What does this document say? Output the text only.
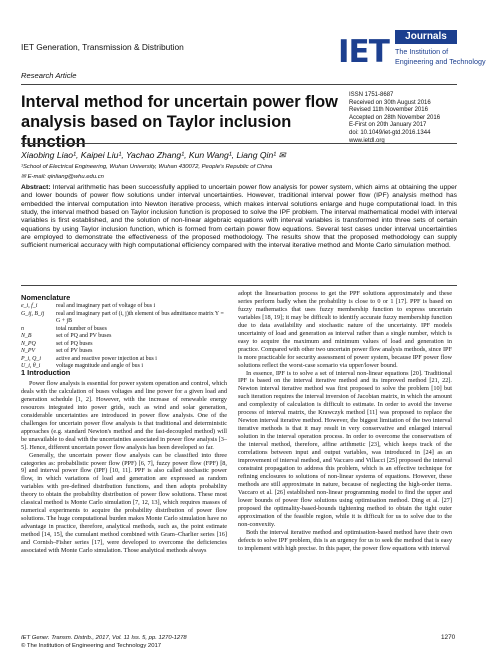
IET Generation, Transmission & Distribution
Research Article
IET	Journals
The Institution of
Engineering and Technology
Interval method for uncertain power flow analysis based on Taylor inclusion function
ISSN 1751-8687
Received on 30th August 2016
Revised 11th November 2016
Accepted on 28th November 2016
E-First on 20th January 2017
doi: 10.1049/iet-gtd.2016.1344
www.ietdl.org
Xiaobing Liao¹, Kaipei Liu¹, Yachao Zhang¹, Kun Wang¹, Liang Qin¹ ✉
¹School of Electrical Engineering, Wuhan University, Wuhan 430072, People's Republic of China
✉ E-mail: qinliang@whu.edu.cn
Abstract: Interval arithmetic has been successfully applied to uncertain power flow analysis for power system, which aims at obtaining the upper and lower bounds of power flow solutions under interval uncertainties. However, traditional interval power flow (IPF) analysis method has embedded the interval computation into Newton iterative process, which makes interval solutions enlarge and huge computational load. In this study, the interval method based on Taylor inclusion function is proposed to solve the IPF problem. The interval mathematical model with interval variables is first established, and the solution of non-linear algebraic equations with interval variables is transformed into three sets of certain equations by using Taylor inclusion function, which is formed from certain power flow equations. Several test cases under interval uncertainties are employed to demonstrate the effectiveness of the proposed methodology. The results show that the proposed methodology can supply sufficient numerical accuracy with high computational efficiency compared with the interval iterative method and Monte Carlo simulation method.
Nomenclature
e_i, f_i	real and imaginary part of voltage of bus i
G_ij, B_ij	real and imaginary part of (i, j)th element of bus admittance matrix Y = G + jB
n	total number of buses
N_B	set of PQ and PV buses
N_PQ	set of PQ buses
N_PV	set of PV buses
P_i, Q_i	active and reactive power injection at bus i
U_i, θ_i	voltage magnitude and angle of bus i
1 Introduction

Power flow analysis is essential for power system operation and control, which deals with the calculation of buses voltages and line power for a given load and generation schedule [1, 2]. However, with the increase of renewable energy resources integrated into power grids, such as wind and solar generation, considerable uncertainties are introduced in power flow analysis. One of the challenges for uncertain power flow analysis is that traditional and deterministic approaches (e.g. standard Newton's method and the fast-decoupled method) will be unavailable to deal with the uncertainties associated in power flow analysis [3–5]. Hence, different uncertain power flow analysis has been developed so far.

Generally, the uncertain power flow analysis can be classified into three categories as: probabilistic power flow (PPF) [6, 7], fuzzy power flow (FPF) [8, 9] and interval power flow (IPF) [10, 11]. PPF is also called stochastic power flow, in which variations of load and generation are expressed as random variables with pre-defined distribution functions, and then adopts probability theory to obtain the probability distribution of power flow solutions. These most classical method is Monte Carlo simulation [7, 12, 13], which requires masses of numerical experiments to acquire the probability distribution of power flow solutions. The huge computational burden makes Monte Carlo simulation have no advantage in practice, therefore, analytical methods, such as, the point estimate method [14, 15], the cumulant method combined with Gram–Charlier series [16] and Cornish–Fisher series [17], were developed to overcome the deficiencies associated with Monte Carlo simulation. Those analytical methods always

adopt the linearisation process to get the PPF solutions approximately and these series perform badly when the probability is close to 0 or 1 [17]. PPF is based on fuzzy mathematics that uses fuzzy membership function to express uncertain variables [18, 19]; it may be difficult to identify accurate fuzzy membership function due to data availability and stochastic nature of the uncertainty. IPF models uncertainty of load and generation as interval rather than a single number, which is easy to acquire the maximum and minimum values of load and generation in practice. Compared with other two uncertain power flow analysis methods, since IPF is more practicable for security assessment of power system, because IPF power flow solutions reflect the worst-case scenario via upper/lower bound.

In essence, IPF is to solve a set of interval non-linear equations [20]. Traditional IPF is based on the interval iterative method and its improved method [21, 22]. Newton interval iterative method was first proposed to solve the problem [10] but such iteration requires the interval inversion of Jacobian matrix, in which the amount and complexity of calculation is difficult to estimate. In order to avoid the inverse process of interval matrix, the Krawczyk method [11] was proposed to replace the Newton interval iterative method. However, the biggest limitation of the two interval iterative methods is that it may result in very conservative and enlarged interval solution in the interval operation process. In order to overcome the conservatism of the interval method, therefore, affine arithmetic [23], which keeps track of the correlations between input and output variables, was introduced in [24] as an improvement of interval method, and Vaccaro and Villacci [25] proposed the interval constraint propagation to address this problem, which is an effective technique for refining enclosures to solutions of non-linear systems of equations. However, these methods are still approximate in nature, because of neglecting the high-order items. Vaccaro et al. [26] established non-linear programming model to find the upper and lower bounds of power flow solutions using optimisation method. Ding et al. [27] proposed the optimality-based-bounds tightening method to obtain the tight outer approximation of the feasible region, while it is difficult for us to solve due to the non-convexity.

Both the interval iterative method and optimisation-based method have their own defects to solve IPF problem, this is an urgency for us to seek the method that is easy to implement with high precise. In this paper, the power flow equations with interval

IET Gener. Transm. Distrib., 2017, Vol. 11 Iss. 5, pp. 1270-1278
© The Institution of Engineering and Technology 2017
1270
